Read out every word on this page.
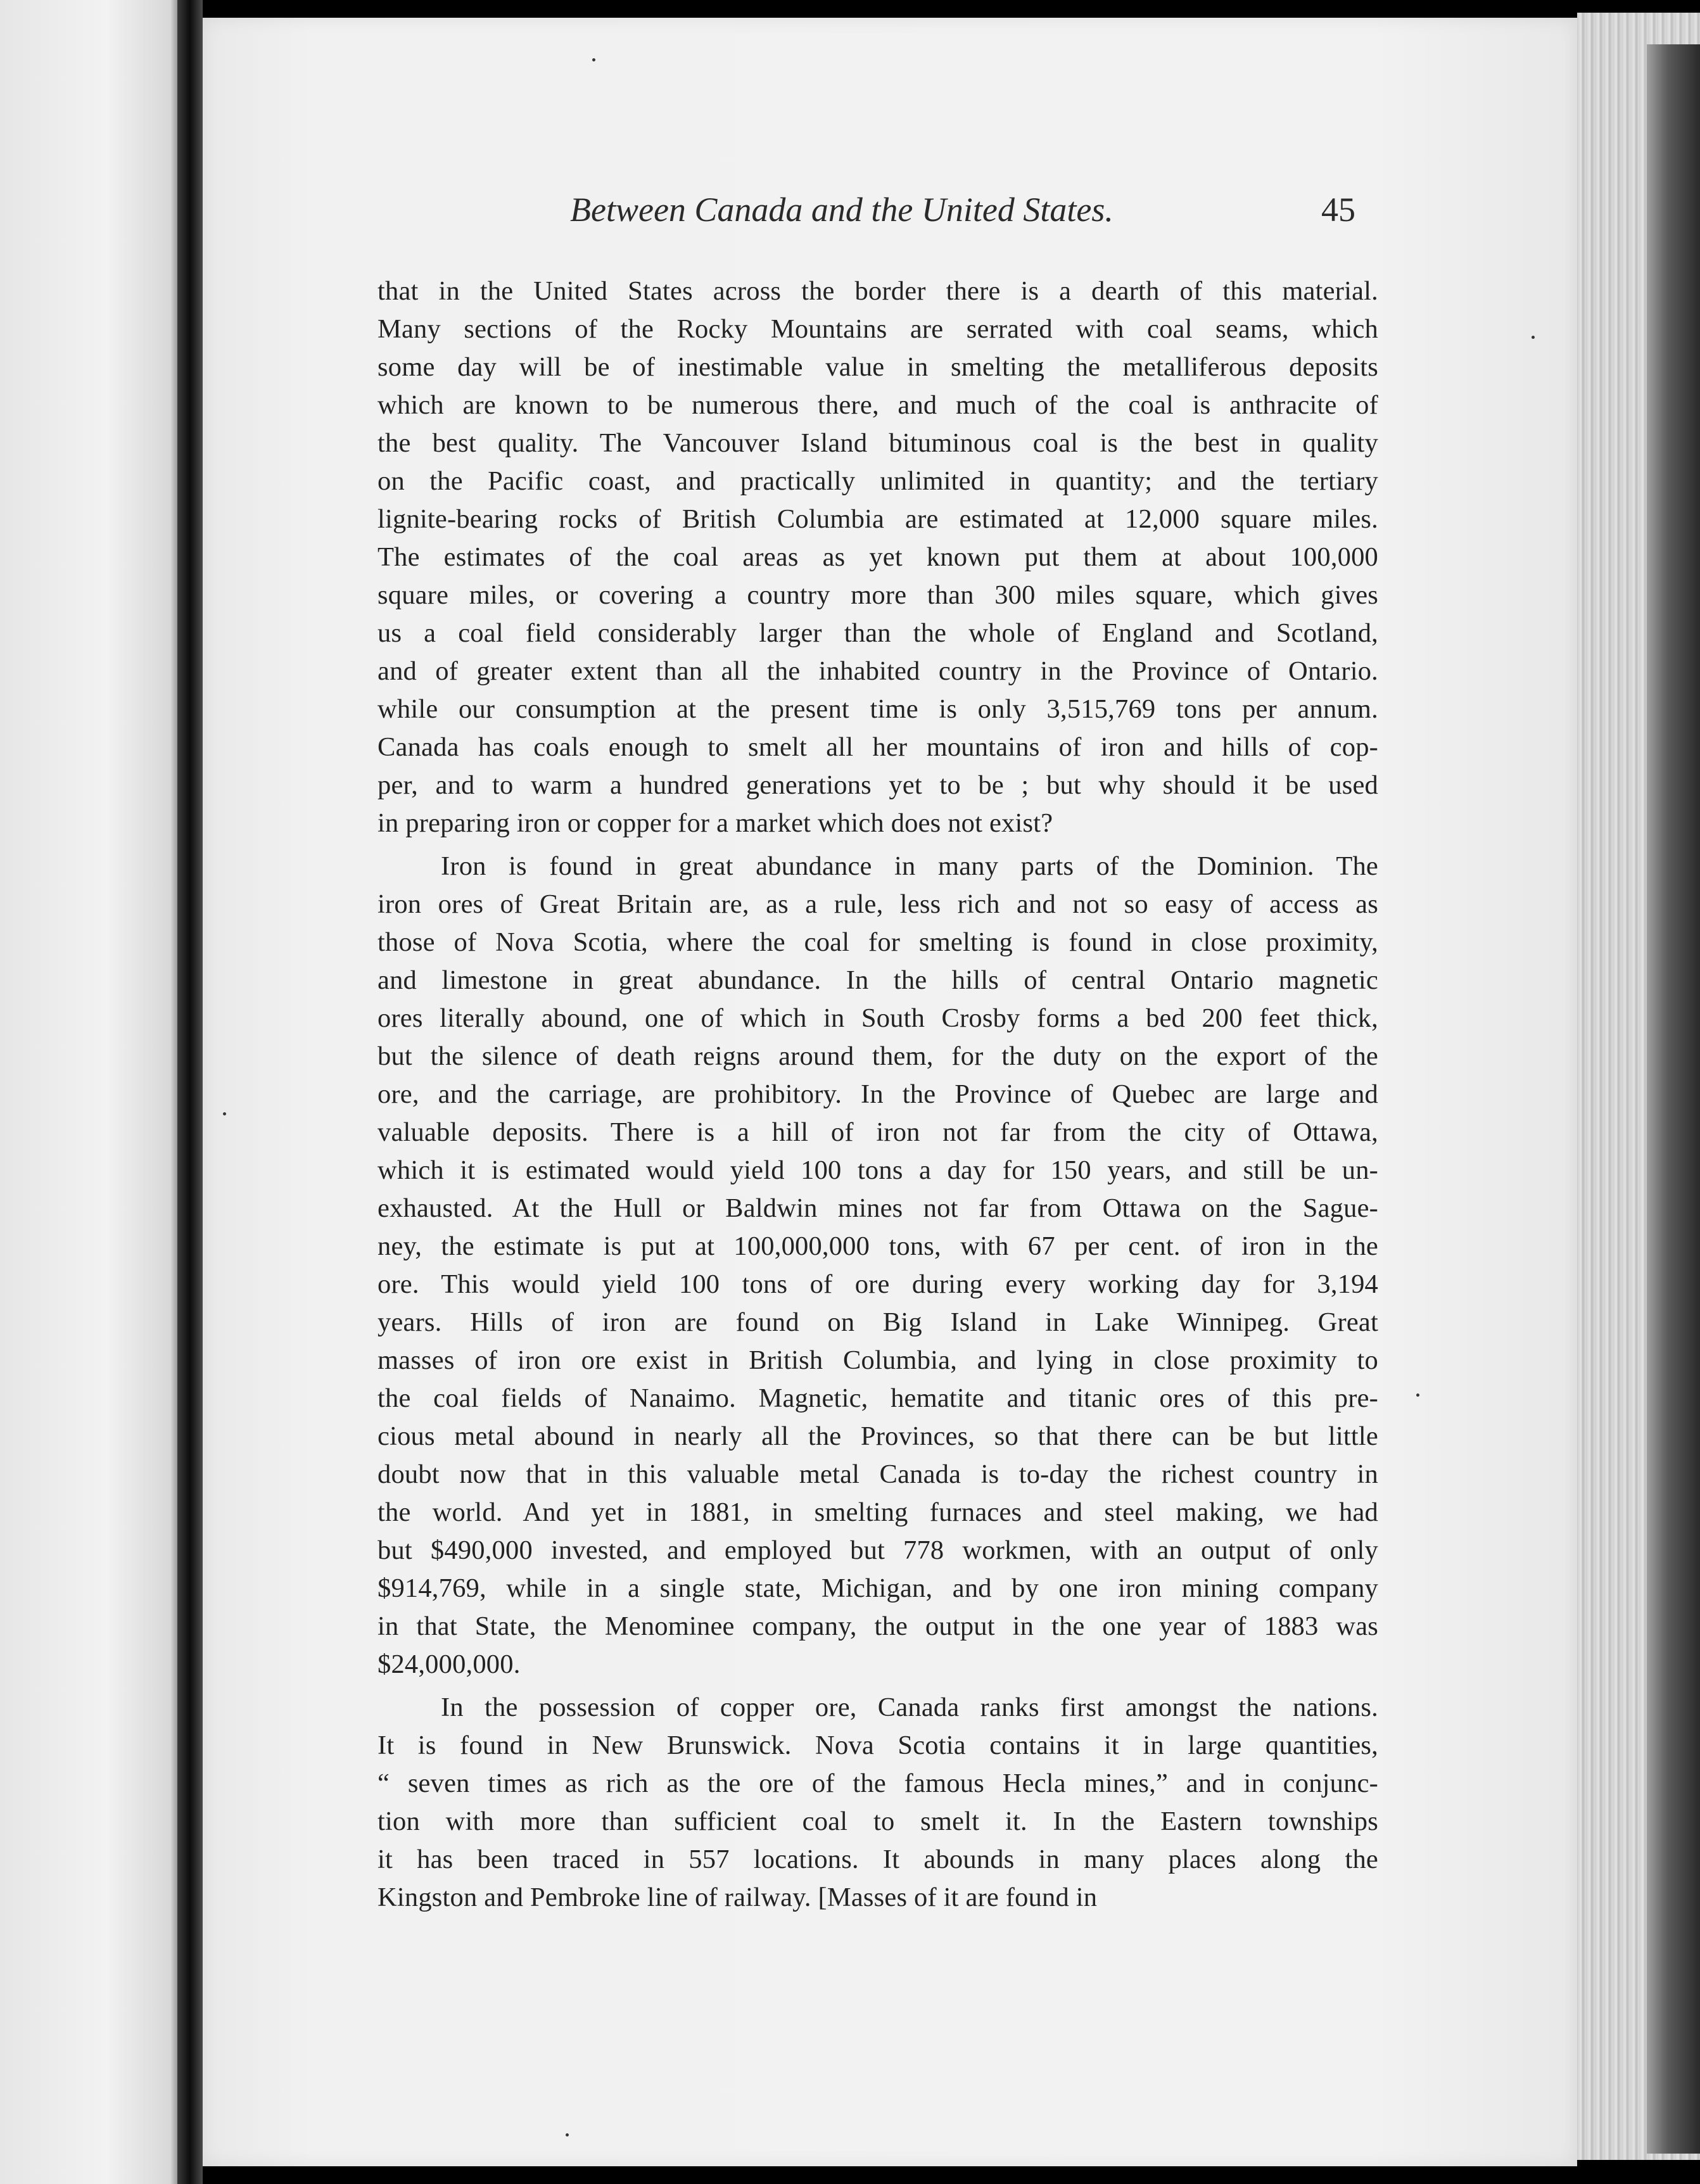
Between Canada and the United States.	45
that in the United States across the border there is a dearth of this material.
Many sections of the Rocky Mountains are serrated with coal seams, which
some day will be of inestimable value in smelting the metalliferous deposits
which are known to be numerous there, and much of the coal is anthracite of
the best quality. The Vancouver Island bituminous coal is the best in quality
on the Pacific coast, and practically unlimited in quantity; and the tertiary
lignite-bearing rocks of British Columbia are estimated at 12,000 square miles.
The estimates of the coal areas as yet known put them at about 100,000
square miles, or covering a country more than 300 miles square, which gives
us a coal field considerably larger than the whole of England and Scotland,
and of greater extent than all the inhabited country in the Province of Ontario.
while our consumption at the present time is only 3,515,769 tons per annum.
Canada has coals enough to smelt all her mountains of iron and hills of cop-
per, and to warm a hundred generations yet to be ; but why should it be used
in preparing iron or copper for a market which does not exist?
Iron is found in great abundance in many parts of the Dominion. The
iron ores of Great Britain are, as a rule, less rich and not so easy of access as
those of Nova Scotia, where the coal for smelting is found in close proximity,
and limestone in great abundance. In the hills of central Ontario magnetic
ores literally abound, one of which in South Crosby forms a bed 200 feet thick,
but the silence of death reigns around them, for the duty on the export of the
ore, and the carriage, are prohibitory. In the Province of Quebec are large and
valuable deposits. There is a hill of iron not far from the city of Ottawa,
which it is estimated would yield 100 tons a day for 150 years, and still be un-
exhausted. At the Hull or Baldwin mines not far from Ottawa on the Sague-
ney, the estimate is put at 100,000,000 tons, with 67 per cent. of iron in the
ore. This would yield 100 tons of ore during every working day for 3,194
years. Hills of iron are found on Big Island in Lake Winnipeg. Great
masses of iron ore exist in British Columbia, and lying in close proximity to
the coal fields of Nanaimo. Magnetic, hematite and titanic ores of this pre-
cious metal abound in nearly all the Provinces, so that there can be but little
doubt now that in this valuable metal Canada is to-day the richest country in
the world. And yet in 1881, in smelting furnaces and steel making, we had
but $490,000 invested, and employed but 778 workmen, with an output of only
$914,769, while in a single state, Michigan, and by one iron mining company
in that State, the Menominee company, the output in the one year of 1883 was
$24,000,000.
In the possession of copper ore, Canada ranks first amongst the nations.
It is found in New Brunswick. Nova Scotia contains it in large quantities,
“ seven times as rich as the ore of the famous Hecla mines,” and in conjunc-
tion with more than sufficient coal to smelt it. In the Eastern townships
it has been traced in 557 locations. It abounds in many places along the
Kingston and Pembroke line of railway. [Masses of it are found in
